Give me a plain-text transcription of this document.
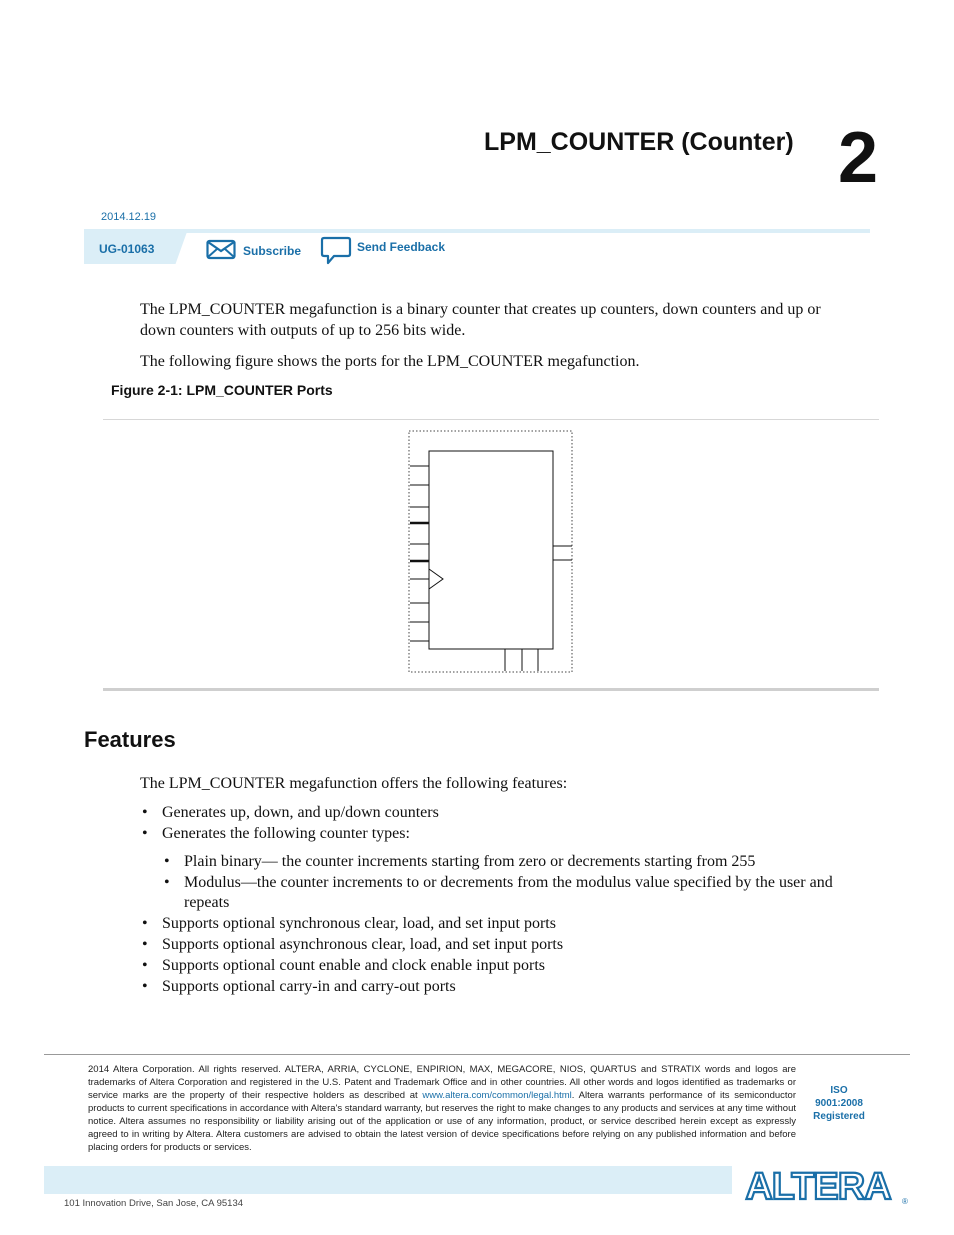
LPM_COUNTER (Counter) 2
2014.12.19
UG-01063	Subscribe	Send Feedback

The LPM_COUNTER megafunction is a binary counter that creates up counters, down counters and up or down counters with outputs of up to 256 bits wide.

The following figure shows the ports for the LPM_COUNTER megafunction.

Figure 2-1: LPM_COUNTER Ports
Features

The LPM_COUNTER megafunction offers the following features:

• Generates up, down, and up/down counters
• Generates the following counter types:
• Plain binary— the counter increments starting from zero or decrements starting from 255
• Modulus—the counter increments to or decrements from the modulus value specified by the user and repeats
• Supports optional synchronous clear, load, and set input ports
• Supports optional asynchronous clear, load, and set input ports
• Supports optional count enable and clock enable input ports
• Supports optional carry-in and carry-out ports

2014 Altera Corporation. All rights reserved. ALTERA, ARRIA, CYCLONE, ENPIRION, MAX, MEGACORE, NIOS, QUARTUS and STRATIX words and logos are trademarks of Altera Corporation and registered in the U.S. Patent and Trademark Office and in other countries. All other words and logos identified as trademarks or service marks are the property of their respective holders as described at www.altera.com/common/legal.html. Altera warrants performance of its semiconductor products to current specifications in accordance with Altera's standard warranty, but reserves the right to make changes to any products and services at any time without notice. Altera assumes no responsibility or liability arising out of the application or use of any information, product, or service described herein except as expressly agreed to in writing by Altera. Altera customers are advised to obtain the latest version of device specifications before relying on any published information and before placing orders for products or services.

ISO
9001:2008
Registered
101 Innovation Drive, San Jose, CA 95134	ALTERA ®
